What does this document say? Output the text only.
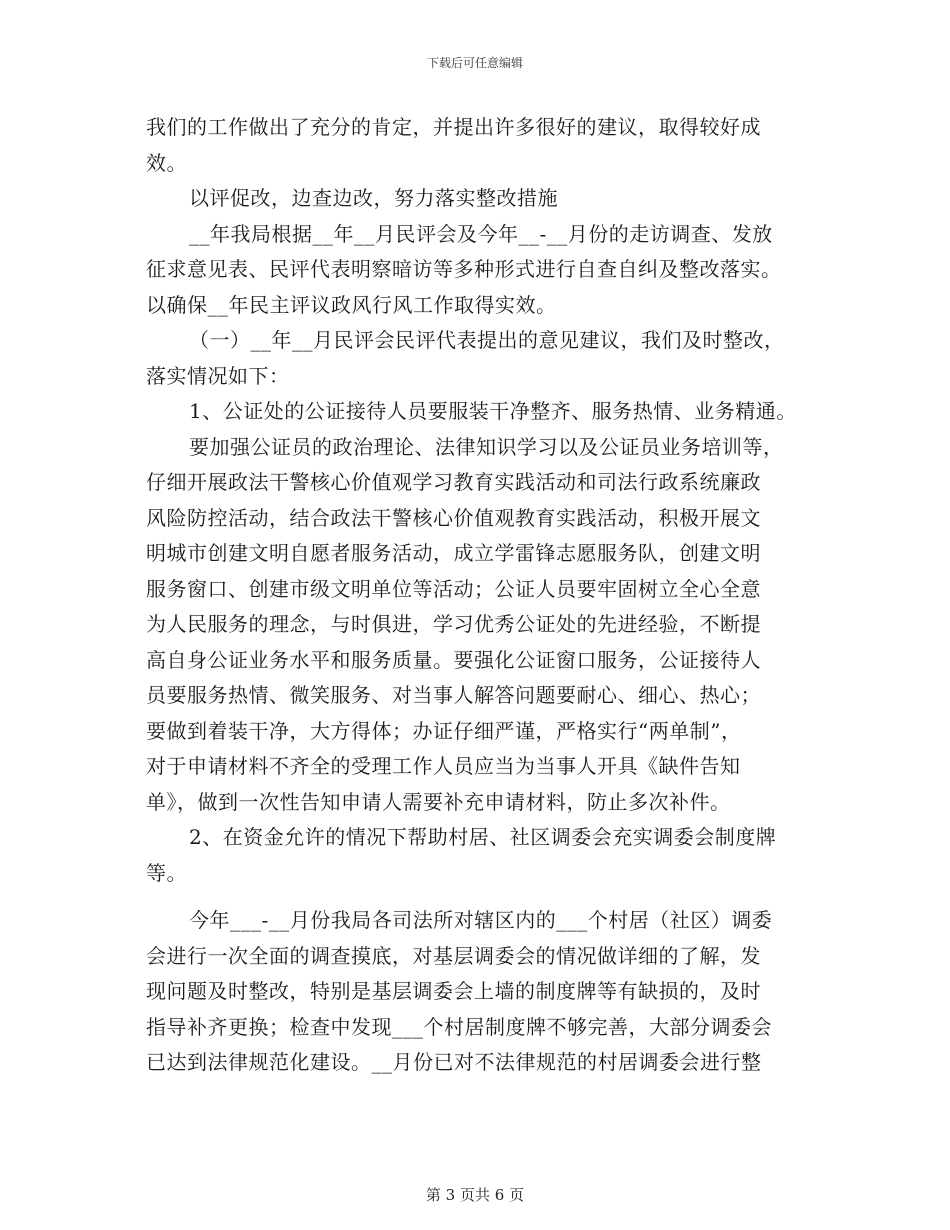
下载后可任意编辑
我们的工作做出了充分的肯定，并提出许多很好的建议，取得较好成
效。
以评促改，边查边改，努力落实整改措施
__年我局根据__年__月民评会及今年__-__月份的走访调查、发放
征求意见表、民评代表明察暗访等多种形式进行自查自纠及整改落实。
以确保__年民主评议政风行风工作取得实效。
（一）__年__月民评会民评代表提出的意见建议，我们及时整改，
落实情况如下：
1、公证处的公证接待人员要服装干净整齐、服务热情、业务精通。
要加强公证员的政治理论、法律知识学习以及公证员业务培训等，
仔细开展政法干警核心价值观学习教育实践活动和司法行政系统廉政
风险防控活动，结合政法干警核心价值观教育实践活动，积极开展文
明城市创建文明自愿者服务活动，成立学雷锋志愿服务队，创建文明
服务窗口、创建市级文明单位等活动；公证人员要牢固树立全心全意
为人民服务的理念，与时俱进，学习优秀公证处的先进经验，不断提
高自身公证业务水平和服务质量。要强化公证窗口服务，公证接待人
员要服务热情、微笑服务、对当事人解答问题要耐心、细心、热心；
要做到着装干净，大方得体；办证仔细严谨，严格实行“两单制”，
对于申请材料不齐全的受理工作人员应当为当事人开具《缺件告知
单》，做到一次性告知申请人需要补充申请材料，防止多次补件。
2、在资金允许的情况下帮助村居、社区调委会充实调委会制度牌
等。
今年___-__月份我局各司法所对辖区内的___个村居（社区）调委
会进行一次全面的调查摸底，对基层调委会的情况做详细的了解，发
现问题及时整改，特别是基层调委会上墙的制度牌等有缺损的，及时
指导补齐更换；检查中发现___个村居制度牌不够完善，大部分调委会
已达到法律规范化建设。__月份已对不法律规范的村居调委会进行整
第 3 页共 6 页
